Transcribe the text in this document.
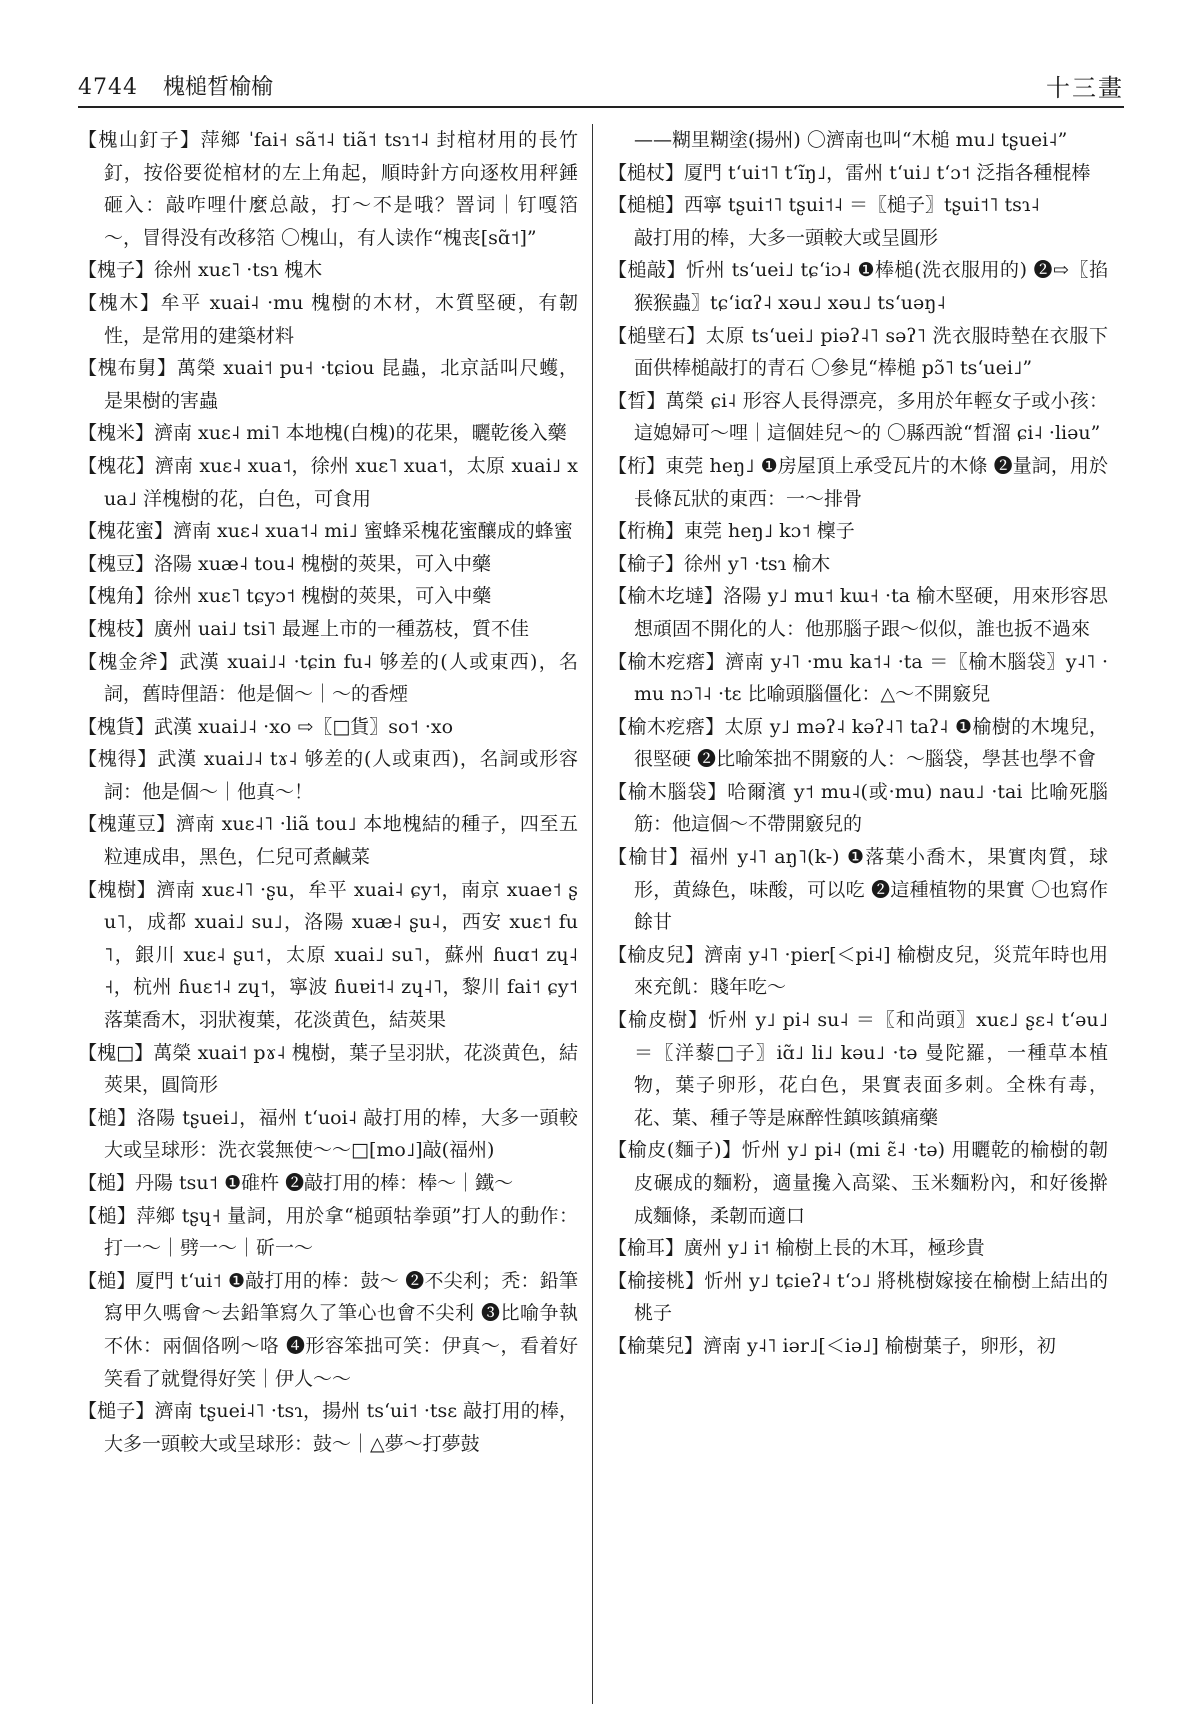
4744 槐槌晳榆榆	十三畫
【槐山釘子】萍鄉 ˈfai˧ sã˦˨ tiã˦ tsɿ˦˨ 封棺材用的長竹釘，按俗要從棺材的左上角起，順時針方向逐枚用秤錘砸入：敲咋哩什麼总敲，打～不是哦？罯词｜钉嘎箔～，冒得没有改移箔 〇槐山，有人读作“槐丧[sɑ̃˦]”
【槐子】徐州 xuɛ˥ ·tsɿ 槐木
【槐木】牟平 xuai˨ ·mu 槐樹的木材，木質堅硬，有韌性，是常用的建築材料
【槐布舅】萬榮 xuai˦ pu˧ ·tɕiou 昆蟲，北京話叫尺蠖，是果樹的害蟲
【槐米】濟南 xuɛ˨ mi˥ 本地槐(白槐)的花果，曬乾後入藥
【槐花】濟南 xuɛ˨ xua˦，徐州 xuɛ˥ xua˦，太原 xuai˩ xua˩ 洋槐樹的花，白色，可食用
【槐花蜜】濟南 xuɛ˨ xua˦˨ mi˩ 蜜蜂采槐花蜜釀成的蜂蜜
【槐豆】洛陽 xuæ˨ tou˨ 槐樹的莢果，可入中藥
【槐角】徐州 xuɛ˥ tɕyɔ˦ 槐樹的莢果，可入中藥
【槐枝】廣州 uai˩ tsi˥ 最遲上市的一種荔枝，質不佳
【槐金斧】武漢 xuai˩˨ ·tɕin fu˨ 够差的(人或東西)，名詞，舊時俚語：他是個～｜～的香煙
【槐貨】武漢 xuai˩˨ ·xo ⇨〖□貨〗so˦ ·xo
【槐得】武漢 xuai˩˨ tɤ˨ 够差的(人或東西)，名詞或形容詞：他是個～｜他真～！
【槐蓮豆】濟南 xuɛ˨˥ ·liã tou˩ 本地槐結的種子，四至五粒連成串，黑色，仁兒可煮鹹菜
【槐樹】濟南 xuɛ˨˥ ·ʂu，牟平 xuai˨ ɕy˦，南京 xuae˦ ʂu˥，成都 xuai˩ su˩，洛陽 xuæ˨ ʂu˨，西安 xuɛ˦ fu˥，銀川 xuɛ˨ ʂu˦，太原 xuai˩ su˥，蘇州 ɦuɑ˦ zɥ˨˧，杭州 ɦuɛ˦˨ zɥ˦，寧波 ɦuɐi˦˨ zɥ˨˥，黎川 fai˦ ɕy˦ 落葉喬木，羽狀複葉，花淡黄色，結莢果
【槐□】萬榮 xuai˦ pɤ˨ 槐樹，葉子呈羽狀，花淡黄色，結莢果，圓筒形
【槌】洛陽 tʂuei˩，福州 tʻuoi˨ 敲打用的棒，大多一頭較大或呈球形：洗衣裳無使～～□[mo˩]敲(福州)
【槌】丹陽 tsu˦ ❶碓杵 ❷敲打用的棒：棒～｜鐵～
【槌】萍鄉 tʂɥ˧ 量詞，用於拿“槌頭牯拳頭”打人的動作：打一～｜劈一～｜斫一～
【槌】厦門 tʻui˦ ❶敲打用的棒：鼓～ ❷不尖利；秃：鉛筆寫甲久嗎會～去鉛筆寫久了筆心也會不尖利 ❸比喻争執不休：兩個佫咧～咯 ❹形容笨拙可笑：伊真～，看着好笑看了就覺得好笑｜伊人～～
【槌子】濟南 tʂuei˨˥ ·tsɿ，揚州 tsʻui˦ ·tsɛ 敲打用的棒，大多一頭較大或呈球形：鼓～｜△夢～打夢鼓
——糊里糊塗(揚州) 〇濟南也叫“木槌 mu˩ tʂuei˨”
【槌杖】厦門 tʻui˦˥ tʻĩŋ˩，雷州 tʻui˩ tʻɔ˦ 泛指各種棍棒
【槌槌】西寧 tʂui˦˥ tʂui˦˨ ＝〖槌子〗tʂui˦˥ tsɿ˨
敲打用的棒，大多一頭較大或呈圓形
【槌敲】忻州 tsʻuei˩ tɕʻiɔ˨ ❶棒槌(洗衣服用的) ❷⇨〖掐猴猴蟲〗tɕʻiɑʔ˨ xəu˩ xəu˩ tsʻuəŋ˨
【槌壁石】太原 tsʻuei˩ piəʔ˨˥ səʔ˥ 洗衣服時墊在衣服下面供棒槌敲打的青石 〇參見“棒槌 pɔ̃˥ tsʻuei˩”
【晳】萬榮 ɕi˨ 形容人長得漂亮，多用於年輕女子或小孩：這媳婦可～哩｜這個娃兒～的 〇縣西說“晳溜 ɕi˨ ·liəu”
【桁】東莞 heŋ˩ ❶房屋頂上承受瓦片的木條 ❷量詞，用於長條瓦狀的東西：一～排骨
【桁桷】東莞 heŋ˩ kɔ˦ 檁子
【榆子】徐州 y˥ ·tsɿ 榆木
【榆木圪墶】洛陽 y˩ mu˦ kɯ˧ ·ta 榆木堅硬，用來形容思想頑固不開化的人：他那腦子跟～似似，誰也扳不過來
【榆木疙瘩】濟南 y˨˥ ·mu ka˦˨ ·ta ＝〖榆木腦袋〗y˨˥ ·mu nɔ˥˨ ·tɛ 比喻頭腦僵化：△～不開竅兒
【榆木疙瘩】太原 y˩ məʔ˨ kəʔ˨˥ taʔ˨ ❶榆樹的木塊兒，很堅硬 ❷比喻笨拙不開竅的人：～腦袋，學甚也學不會
【榆木腦袋】哈爾濱 y˦ mu˨(或·mu) nau˩ ·tai 比喻死腦筋：他這個～不帶開竅兒的
【榆甘】福州 y˨˥ aŋ˥(k-) ❶落葉小喬木，果實肉質，球形，黄綠色，味酸，可以吃 ❷這種植物的果實 〇也寫作餘甘
【榆皮兒】濟南 y˨˥ ·pier[＜pi˨] 榆樹皮兒，災荒年時也用來充飢：賤年吃～
【榆皮樹】忻州 y˩ pi˨ su˨ ＝〖和尚頭〗xuɛ˩ ʂɛ˨ tʻəu˩ ＝〖洋藜□子〗iɑ̃˩ li˩ kəu˩ ·tə 曼陀羅，一種草本植物，葉子卵形，花白色，果實表面多刺。全株有毒，花、葉、種子等是麻醉性鎮咳鎮痛藥
【榆皮(麵子)】忻州 y˩ pi˨ (mi ɛ̃˨ ·tə) 用曬乾的榆樹的韌皮碾成的麵粉，適量攙入高粱、玉米麵粉內，和好後擀成麵條，柔韌而適口
【榆耳】廣州 y˩ i˦ 榆樹上長的木耳，極珍貴
【榆接桃】忻州 y˩ tɕieʔ˨ tʻɔ˩ 將桃樹嫁接在榆樹上結出的桃子
【榆葉兒】濟南 y˨˥ iər˩[＜iə˩] 榆樹葉子，卵形，初
